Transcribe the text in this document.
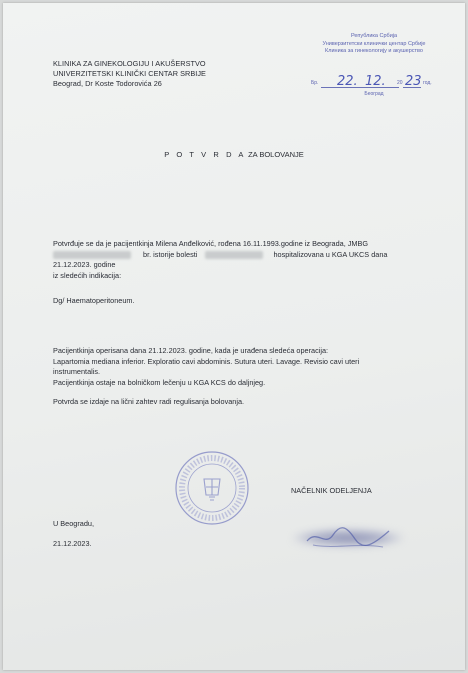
KLINIKA ZA GINEKOLOGIJU I AKUŠERSTVO
UNIVERZITETSKI KLINIČKI CENTAR SRBIJE
Beograd, Dr Koste Todorovića 26
Република Србија
Универзитетски клинички центар Србије
Клиника за гинекологију и акушерство
Бр. 22. 12. 20 23 год.
Београд
P O T V R D A ZA BOLOVANJE
Potvrđuje se da je pacijentkinja Milena Anđelković, rođena 16.11.1993.godine iz Beograda, JMBG
br. istorije bolesti	hospitalizovana u KGA UKCS dana 21.12.2023. godine
iz sledećih indikacija:
Dg/ Haematoperitoneum.
Pacijentkinja operisana dana 21.12.2023. godine, kada je urađena sledeća operacija:
Lapartomia mediana inferior. Exploratio cavi abdominis. Sutura uteri. Lavage. Revisio cavi uteri
instrumentalis.
Pacijentkinja ostaje na bolničkom lečenju u KGA KCS do daljnjeg.
Potvrda se izdaje na lični zahtev radi regulisanja bolovanja.
U Beogradu,
21.12.2023.
NAČELNIK ODELJENJA
